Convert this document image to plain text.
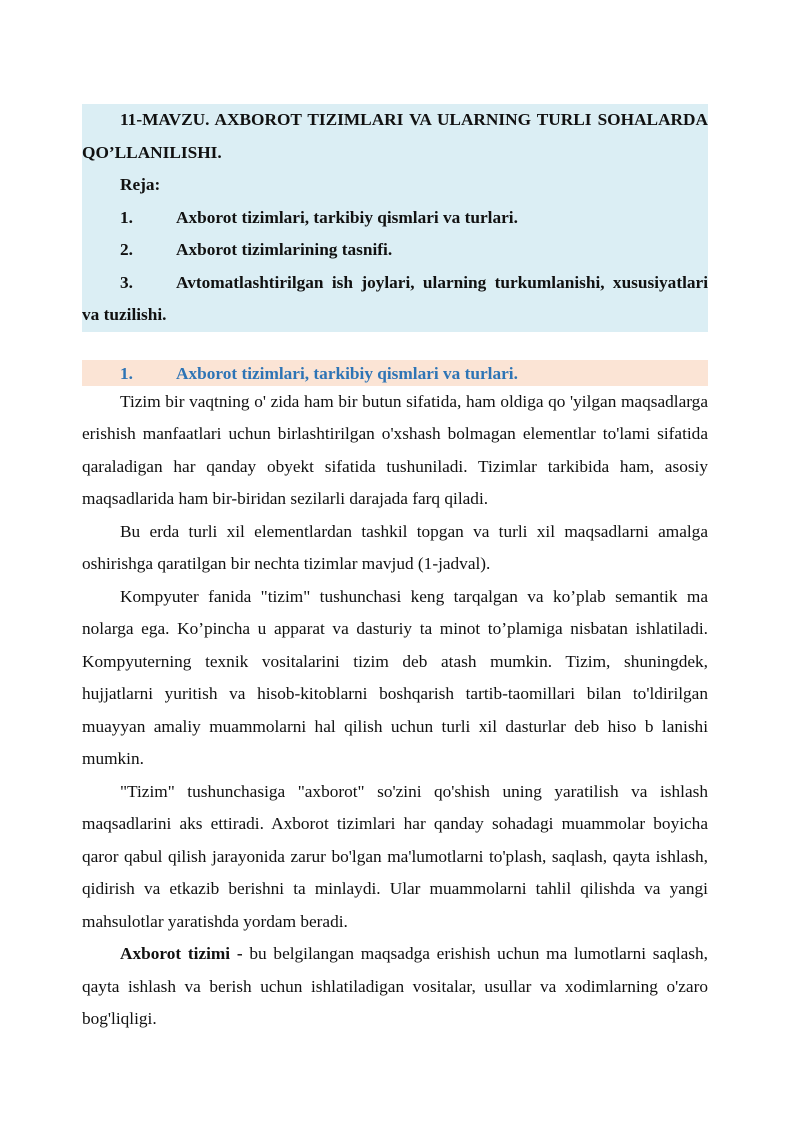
11-MAVZU. AXBOROT TIZIMLARI VA ULARNING TURLI SOHALARDA QO’LLANILISHI.

Reja:

1. Axborot tizimlari, tarkibiy qismlari va turlari.

2. Axborot tizimlarining tasnifi.

3. Avtomatlashtirilgan ish joylari, ularning turkumlanishi, xususiyatlari va tuzilishi.

1. Axborot tizimlari, tarkibiy qismlari va turlari.

Tizim bir vaqtning o' zida ham bir butun sifatida, ham oldiga qo 'yilgan maqsadlarga erishish manfaatlari uchun birlashtirilgan o'xshash bolmagan elementlar to'lami sifatida qaraladigan har qanday obyekt sifatida tushuniladi. Tizimlar tarkibida ham, asosiy maqsadlarida ham bir-biridan sezilarli darajada farq qiladi.

Bu erda turli xil elementlardan tashkil topgan va turli xil maqsadlarni amalga oshirishga qaratilgan bir nechta tizimlar mavjud (1-jadval).

Kompyuter fanida "tizim" tushunchasi keng tarqalgan va ko’plab semantik ma nolarga ega. Ko’pincha u apparat va dasturiy ta minot to’plamiga nisbatan ishlatiladi. Kompyuterning texnik vositalarini tizim deb atash mumkin. Tizim, shuningdek, hujjatlarni yuritish va hisob-kitoblarni boshqarish tartib-taomillari bilan to'ldirilgan muayyan amaliy muammolarni hal qilish uchun turli xil dasturlar deb hiso b lanishi mumkin.

"Tizim" tushunchasiga "axborot" so'zini qo'shish uning yaratilish va ishlash maqsadlarini aks ettiradi. Axborot tizimlari har qanday sohadagi muammolar boyicha qaror qabul qilish jarayonida zarur bo'lgan ma'lumotlarni to'plash, saqlash, qayta ishlash, qidirish va etkazib berishni ta minlaydi. Ular muammolarni tahlil qilishda va yangi mahsulotlar yaratishda yordam beradi.

Axborot tizimi - bu belgilangan maqsadga erishish uchun ma lumotlarni saqlash, qayta ishlash va berish uchun ishlatiladigan vositalar, usullar va xodimlarning o'zaro bog'liqligi.
